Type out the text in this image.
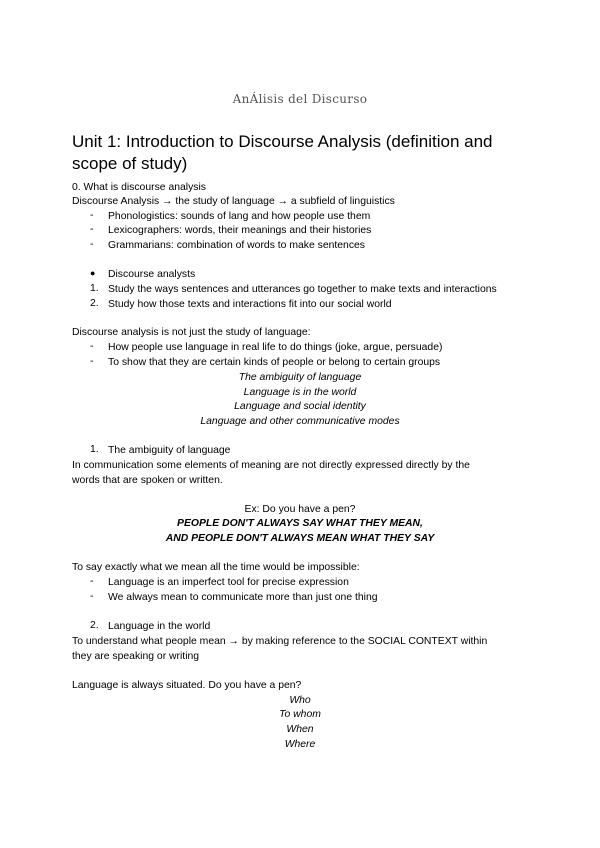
AnÁlisis del Discurso
Unit 1: Introduction to Discourse Analysis (definition and scope of study)
0. What is discourse analysis
Discourse Analysis → the study of language → a subfield of linguistics
-	Phonologistics: sounds of lang and how people use them
-	Lexicographers: words, their meanings and their histories
-	Grammarians: combination of words to make sentences
●	Discourse analysts
1. Study the ways sentences and utterances go together to make texts and interactions
2. Study how those texts and interactions fit into our social world
Discourse analysis is not just the study of language:
-	How people use language in real life to do things (joke, argue, persuade)
-	To show that they are certain kinds of people or belong to certain groups
The ambiguity of language
Language is in the world
Language and social identity
Language and other communicative modes
1. The ambiguity of language
In communication some elements of meaning are not directly expressed directly by the
words that are spoken or written.
Ex: Do you have a pen?
PEOPLE DON'T ALWAYS SAY WHAT THEY MEAN,
AND PEOPLE DON'T ALWAYS MEAN WHAT THEY SAY
To say exactly what we mean all the time would be impossible:
-	Language is an imperfect tool for precise expression
-	We always mean to communicate more than just one thing
2. Language in the world
To understand what people mean → by making reference to the SOCIAL CONTEXT within
they are speaking or writing
Language is always situated. Do you have a pen?
Who
To whom
When
Where
